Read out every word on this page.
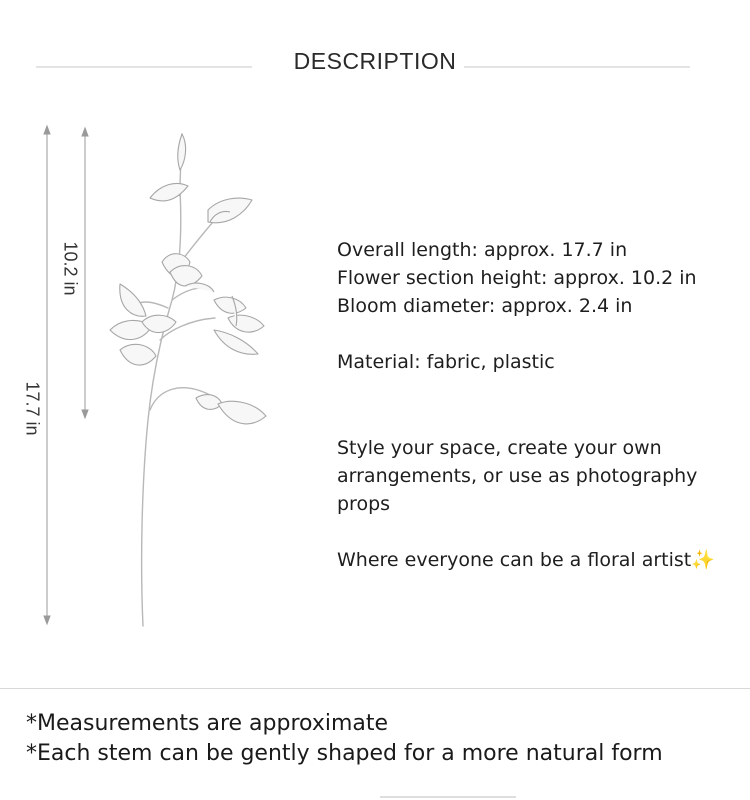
DESCRIPTION
10.2 in
17.7 in

Overall length: approx. 17.7 in

Flower section height: approx. 10.2 in

Bloom diameter: approx. 2.4 in

Material: fabric, plastic

Style your space, create your own arrangements, or use as photography props

Where everyone can be a floral artist✨

*Measurements are approximate

*Each stem can be gently shaped for a more natural form
